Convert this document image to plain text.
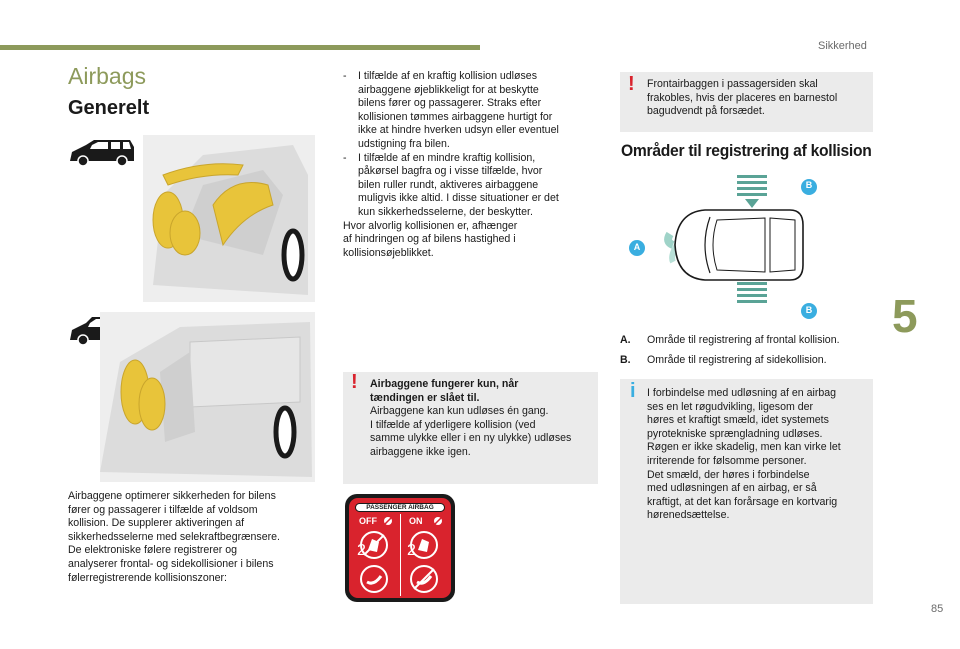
Sikkerhed
5
85
Airbags
Generelt
Airbaggene optimerer sikkerheden for bilens
fører og passagerer i tilfælde af voldsom
kollision. De supplerer aktiveringen af
sikkerhedsselerne med selekraftbegrænsere.
De elektroniske følere registrerer og
analyserer frontal- og sidekollisioner i bilens
følerregistrerende kollisionszoner:
-	I tilfælde af en kraftig kollision udløses
airbaggene øjeblikkeligt for at beskytte
bilens fører og passagerer. Straks efter
kollisionen tømmes airbaggene hurtigt for
ikke at hindre hverken udsyn eller eventuel
udstigning fra bilen.
-	I tilfælde af en mindre kraftig kollision,
påkørsel bagfra og i visse tilfælde, hvor
bilen ruller rundt, aktiveres airbaggene
muligvis ikke altid. I disse situationer er det
kun sikkerhedsselerne, der beskytter.
Hvor alvorlig kollisionen er, afhænger
af hindringen og af bilens hastighed i
kollisionsøjeblikket.
! Airbaggene fungerer kun, når
tændingen er slået til.
Airbaggene kan kun udløses én gang.
I tilfælde af yderligere kollision (ved
samme ulykke eller i en ny ulykke) udløses
airbaggene ikke igen.
PASSENGER AIRBAG
OFF	ON
2	2
! Frontairbaggen i passagersiden skal
frakobles, hvis der placeres en barnestol
bagudvendt på forsædet.
Områder til registrering af kollision
B
B
A
A.	Område til registrering af frontal kollision.
B.	Område til registrering af sidekollision.
i I forbindelse med udløsning af en airbag
ses en let røgudvikling, ligesom der
høres et kraftigt smæld, idet systemets
pyrotekniske sprængladning udløses.
Røgen er ikke skadelig, men kan virke let
irriterende for følsomme personer.
Det smæld, der høres i forbindelse
med udløsningen af en airbag, er så
kraftigt, at det kan forårsage en kortvarig
hørenedsættelse.
